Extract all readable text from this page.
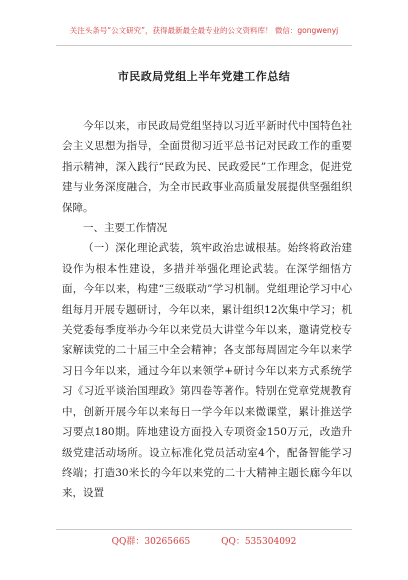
关注头条号“公文研究”，获得最新最全最专业的公文资料库！ 微信：gongwenyj
市民政局党组上半年党建工作总结

今年以来，市民政局党组坚持以习近平新时代中国特色社会主义思想为指导，全面贯彻习近平总书记对民政工作的重要指示精神，深入践行“民政为民、民政爱民”工作理念，促进党建与业务深度融合，为全市民政事业高质量发展提供坚强组织保障。

一、主要工作情况

（一）深化理论武装，筑牢政治忠诚根基。始终将政治建设作为根本性建设，多措并举强化理论武装。在深学细悟方面，今年以来，构建“三级联动”学习机制。党组理论学习中心组每月开展专题研讨，今年以来，累计组织12次集中学习；机关党委每季度举办今年以来党员大讲堂今年以来，邀请党校专家解读党的二十届三中全会精神；各支部每周固定今年以来学习日今年以来，通过今年以来领学+研讨今年以来方式系统学习《习近平谈治国理政》第四卷等著作。特别在党章党规教育中，创新开展今年以来每日一学今年以来微课堂，累计推送学习要点180期。阵地建设方面投入专项资金150万元，改造升级党建活动场所。设立标准化党员活动室4个，配备智能学习终端；打造30米长的今年以来党的二十大精神主题长廊今年以来，设置

QQ群：30265665	QQ：535304092
